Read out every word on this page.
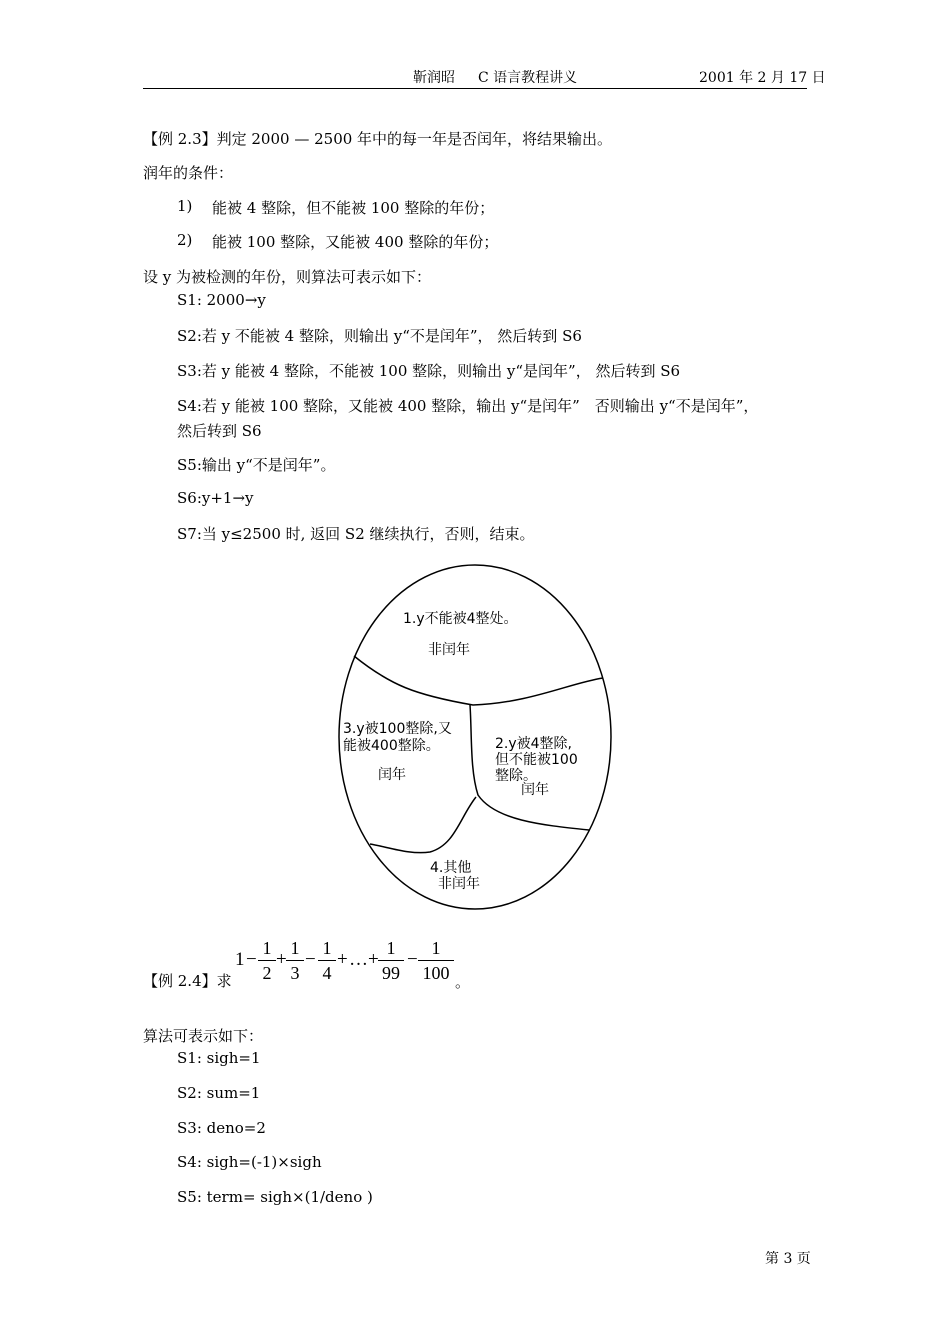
靳润昭 C 语言教程讲义	2001 年 2 月 17 日
【例 2.3】判定 2000 — 2500 年中的每一年是否闰年，将结果输出。
润年的条件：
1) 能被 4 整除，但不能被 100 整除的年份；
2) 能被 100 整除，又能被 400 整除的年份；
设 y 为被检测的年份，则算法可表示如下：
S1: 2000→y
S2:若 y 不能被 4 整除，则输出 y“不是闰年”， 然后转到 S6
S3:若 y 能被 4 整除，不能被 100 整除，则输出 y“是闰年”， 然后转到 S6
S4:若 y 能被 100 整除，又能被 400 整除，输出 y“是闰年”　否则输出 y“不是闰年”，
然后转到 S6
S5:输出 y“不是闰年”。
S6:y+1→y
S7:当 y≤2500 时, 返回 S2 继续执行，否则，结束。
1.y不能被4整处。
非闰年
3.y被100整除,又
能被400整除。
闰年
2.y被4整除,
但不能被100
整除。
闰年
4.其他
非闰年
【例 2.4】求
1 −
1
2
+
1
3
−
1
4
+ … +
1
99
−
1
100 。
算法可表示如下：
S1: sigh=1
S2: sum=1
S3: deno=2
S4: sigh=(-1)×sigh
S5: term= sigh×(1/deno )
第 3 页
